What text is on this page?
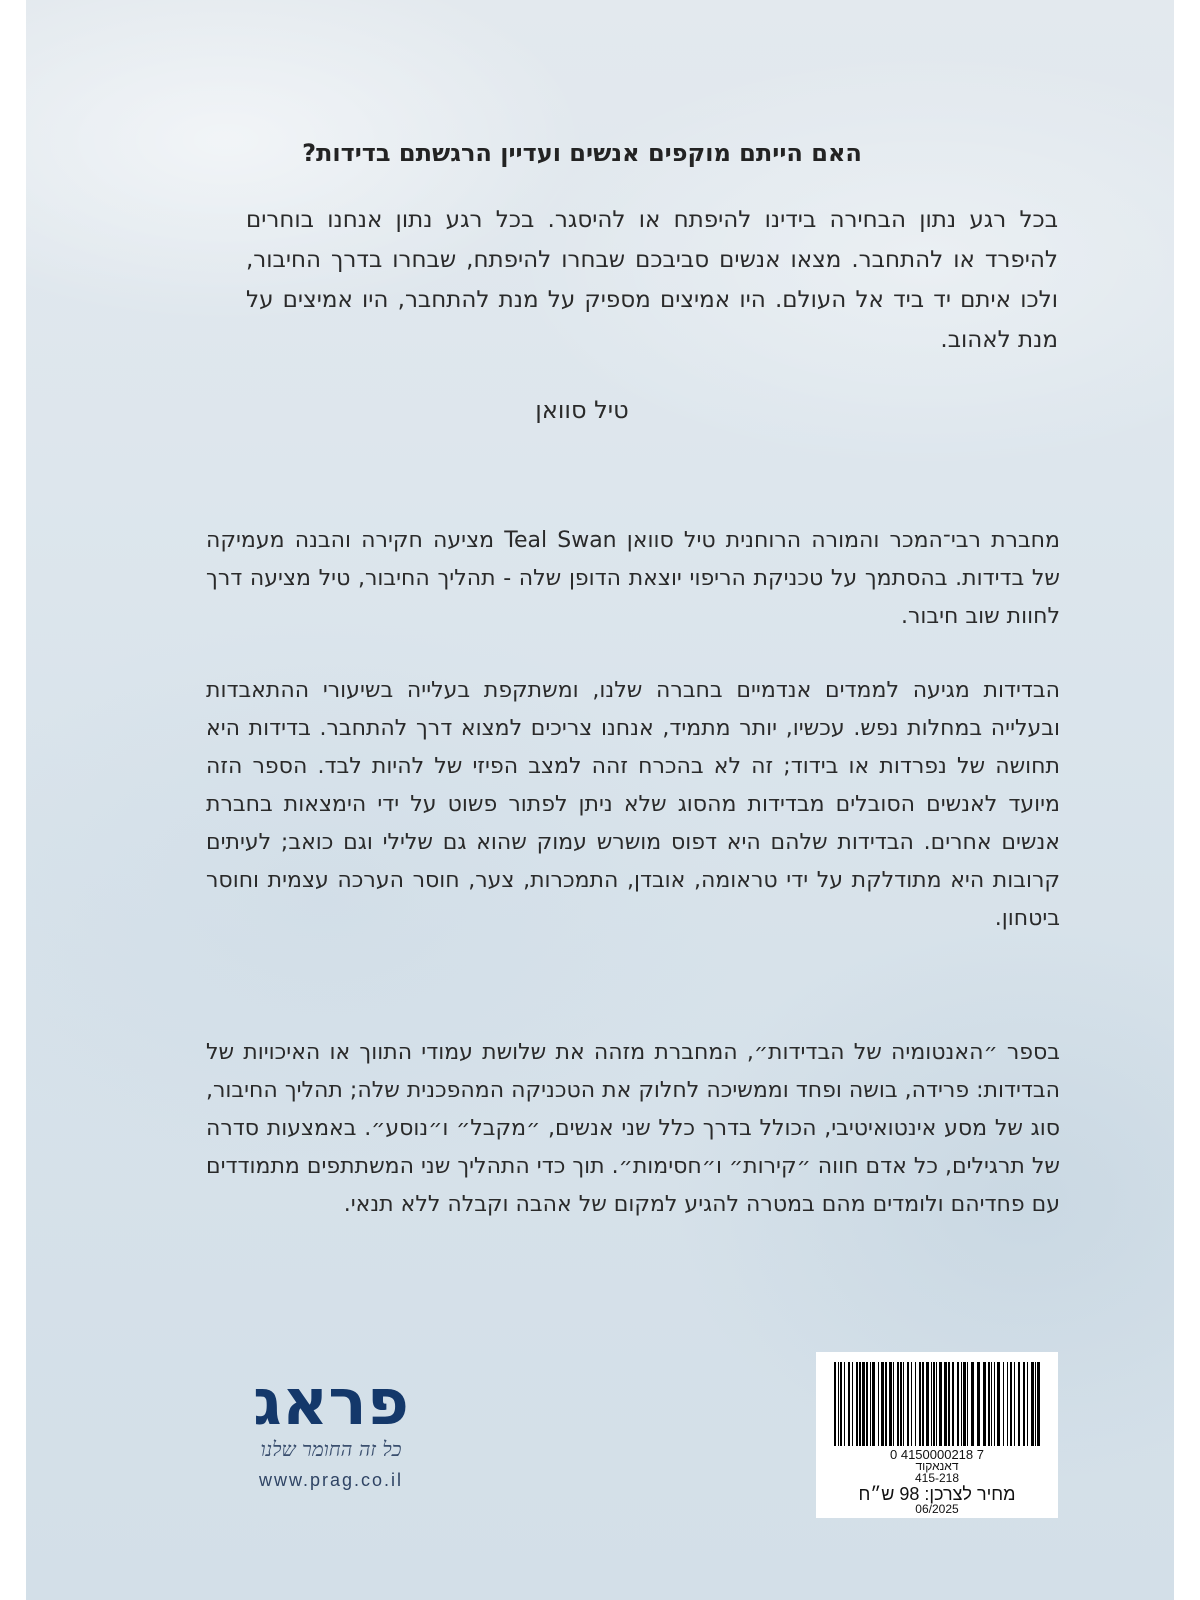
האם הייתם מוקפים אנשים ועדיין הרגשתם בדידות?
בכל רגע נתון הבחירה בידינו להיפתח או להיסגר. בכל רגע נתון אנחנו בוחרים להיפרד או להתחבר. מצאו אנשים סביבכם שבחרו להיפתח, שבחרו בדרך החיבור, ולכו איתם יד ביד אל העולם. היו אמיצים מספיק על מנת להתחבר, היו אמיצים על מנת לאהוב.
טיל סוואן
מחברת רבי־המכר והמורה הרוחנית טיל סוואן Teal Swan מציעה חקירה והבנה מעמיקה של בדידות. בהסתמך על טכניקת הריפוי יוצאת הדופן שלה - תהליך החיבור, טיל מציעה דרך לחוות שוב חיבור.
הבדידות מגיעה לממדים אנדמיים בחברה שלנו, ומשתקפת בעלייה בשיעורי ההתאבדות ובעלייה במחלות נפש. עכשיו, יותר מתמיד, אנחנו צריכים למצוא דרך להתחבר. בדידות היא תחושה של נפרדות או בידוד; זה לא בהכרח זהה למצב הפיזי של להיות לבד. הספר הזה מיועד לאנשים הסובלים מבדידות מהסוג שלא ניתן לפתור פשוט על ידי הימצאות בחברת אנשים אחרים. הבדידות שלהם היא דפוס מושרש עמוק שהוא גם שלילי וגם כואב; לעיתים קרובות היא מתודלקת על ידי טראומה, אובדן, התמכרות, צער, חוסר הערכה עצמית וחוסר ביטחון.
בספר ״האנטומיה של הבדידות״, המחברת מזהה את שלושת עמודי התווך או האיכויות של הבדידות: פרידה, בושה ופחד וממשיכה לחלוק את הטכניקה המהפכנית שלה; תהליך החיבור, סוג של מסע אינטואיטיבי, הכולל בדרך כלל שני אנשים, ״מקבל״ ו״נוסע״. באמצעות סדרה של תרגילים, כל אדם חווה ״קירות״ ו״חסימות״. תוך כדי התהליך שני המשתתפים מתמודדים עם פחדיהם ולומדים מהם במטרה להגיע למקום של אהבה וקבלה ללא תנאי.
פראג
כל זה החומר שלנו
www.prag.co.il
0 4150000218 7
דאנאקוד
415-218
מחיר לצרכן: 98 ש״ח
06/2025
